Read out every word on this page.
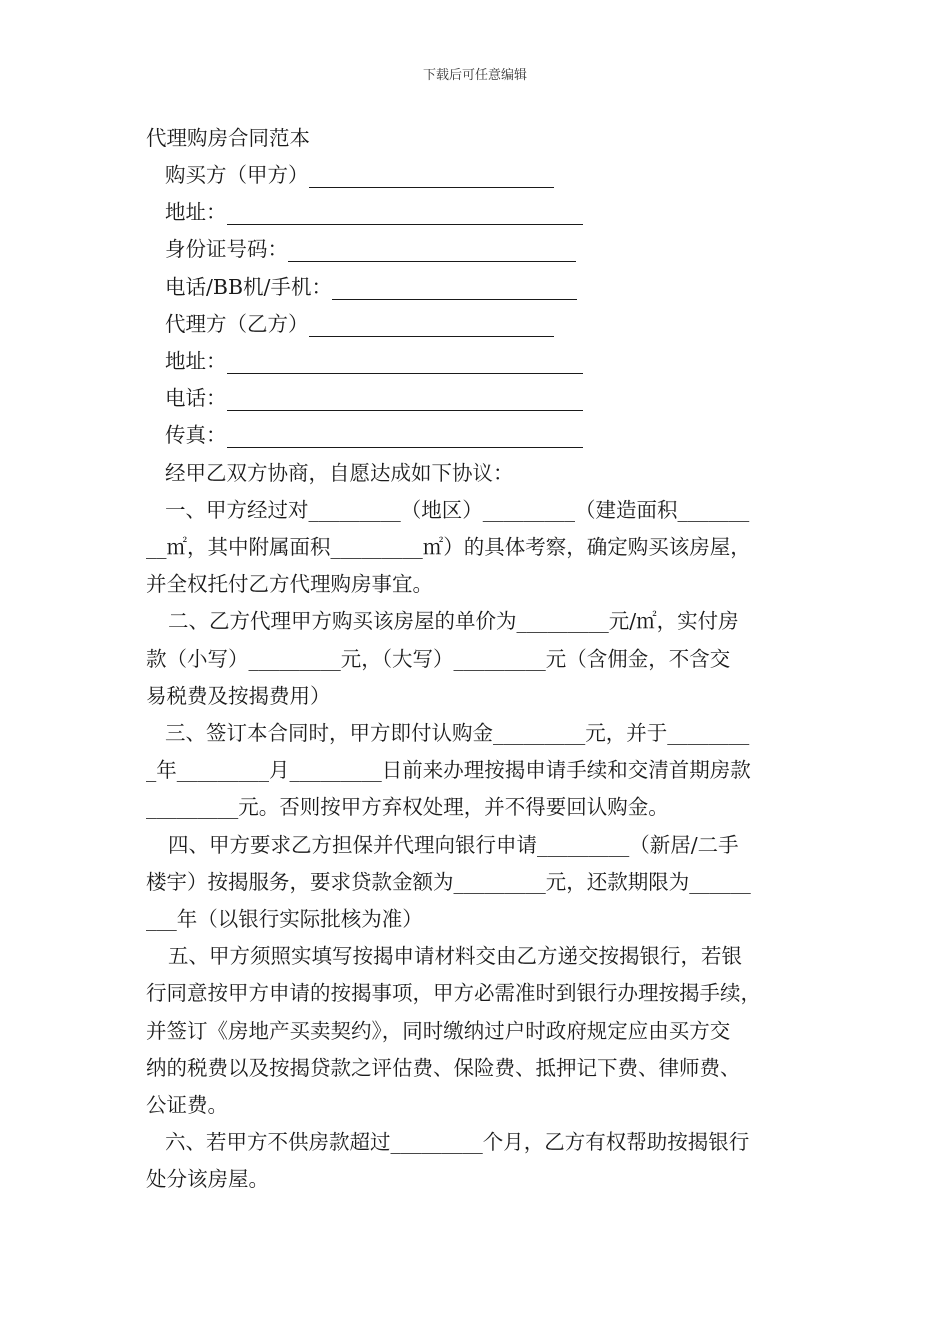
下载后可任意编辑
代理购房合同范本

购买方（甲方）

地址：

身份证号码：

电话/BB机/手机：

代理方（乙方）

地址：

电话：

传真：

经甲乙双方协商，自愿达成如下协议：

一、甲方经过对_________（地区）_________（建造面积_______
__㎡，其中附属面积_________㎡）的具体考察，确定购买该房屋，
并全权托付乙方代理购房事宜。

二、乙方代理甲方购买该房屋的单价为_________元/㎡，实付房
款（小写）_________元，（大写）_________元（含佣金，不含交
易税费及按揭费用）

三、签订本合同时，甲方即付认购金_________元，并于________
_年_________月_________日前来办理按揭申请手续和交清首期房款
_________元。否则按甲方弃权处理，并不得要回认购金。

四、甲方要求乙方担保并代理向银行申请_________（新居/二手
楼宇）按揭服务，要求贷款金额为_________元，还款期限为______
___年（以银行实际批核为准）

五、甲方须照实填写按揭申请材料交由乙方递交按揭银行，若银
行同意按甲方申请的按揭事项，甲方必需准时到银行办理按揭手续，
并签订《房地产买卖契约》，同时缴纳过户时政府规定应由买方交
纳的税费以及按揭贷款之评估费、保险费、抵押记下费、律师费、
公证费。

六、若甲方不供房款超过_________个月，乙方有权帮助按揭银行
处分该房屋。
